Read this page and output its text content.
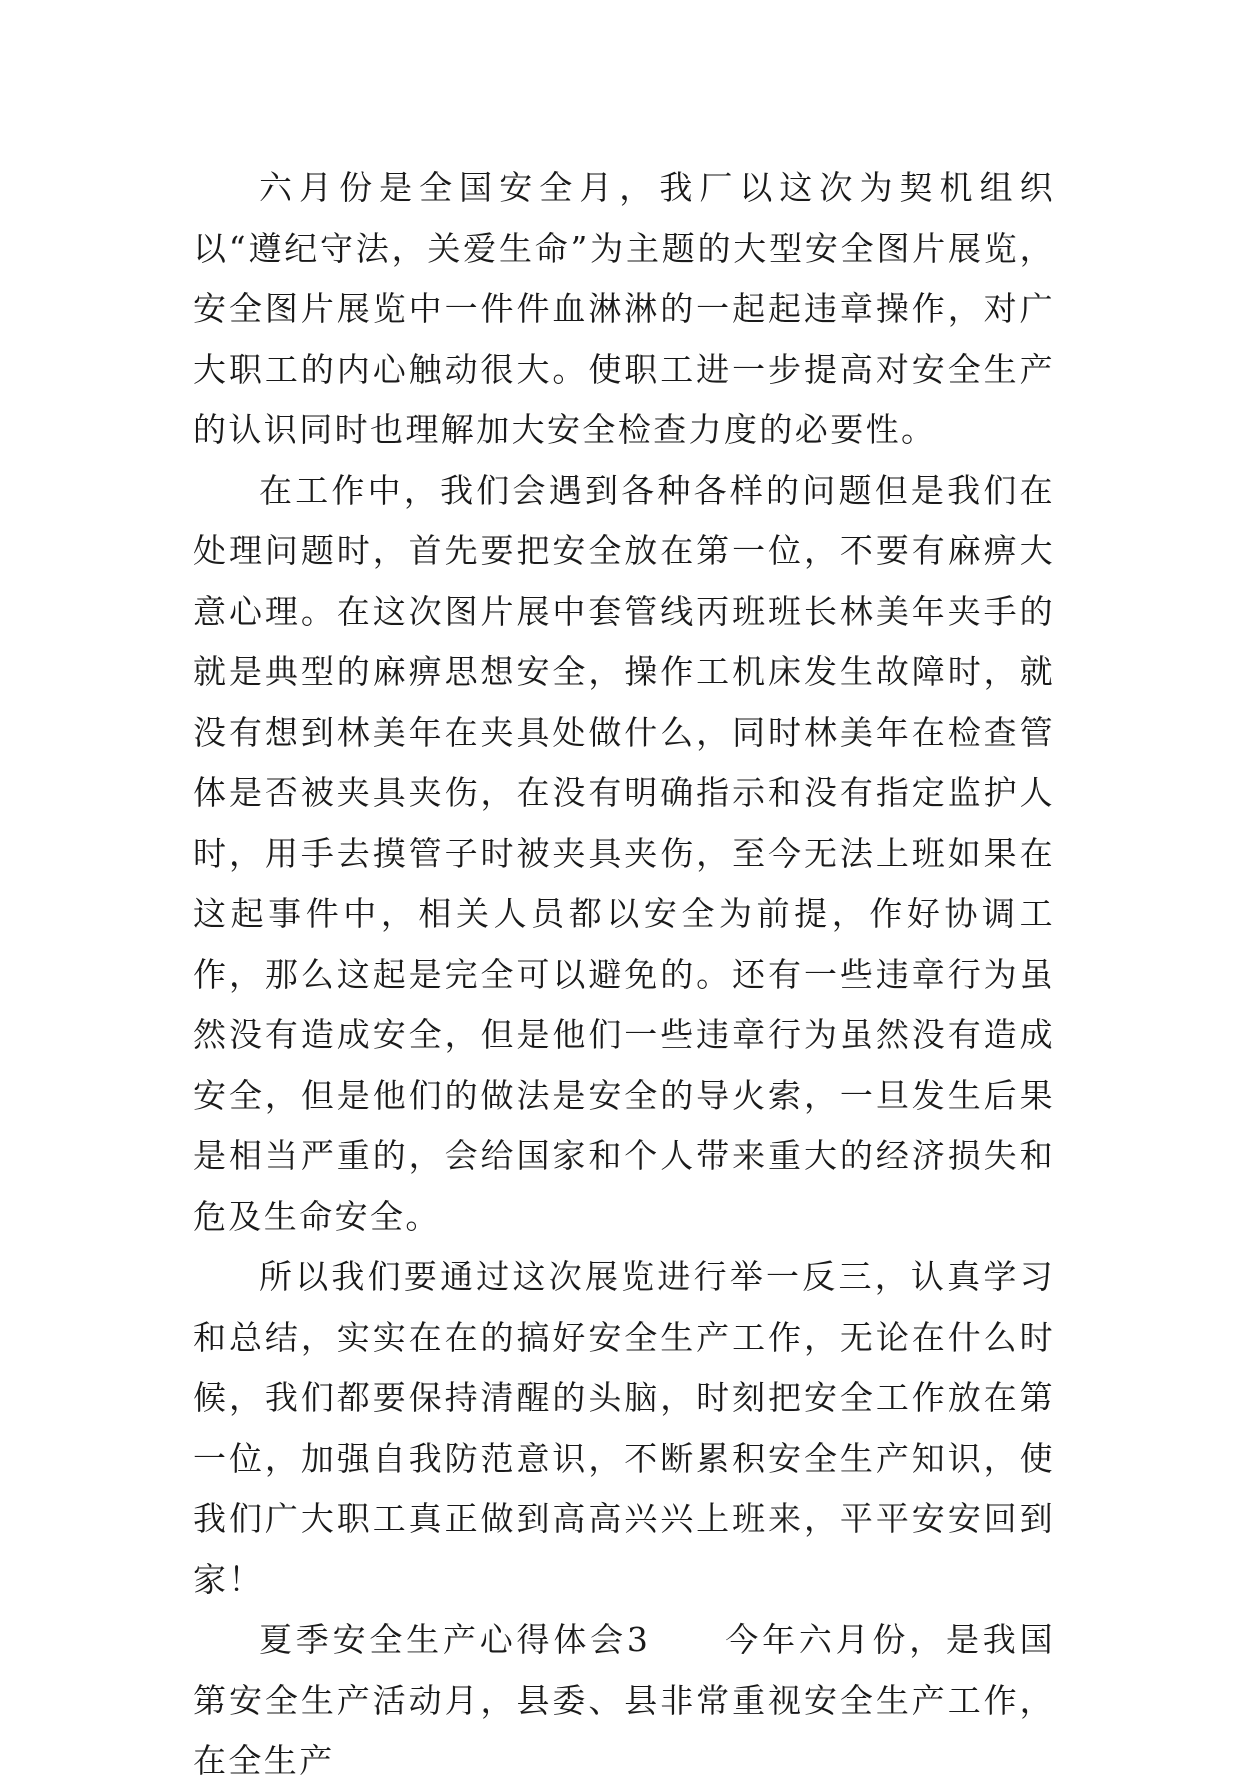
六月份是全国安全月，我厂以这次为契机组织以“遵纪守法，关爱生命”为主题的大型安全图片展览，安全图片展览中一件件血淋淋的一起起违章操作，对广大职工的内心触动很大。使职工进一步提高对安全生产的认识同时也理解加大安全检查力度的必要性。

在工作中，我们会遇到各种各样的问题但是我们在处理问题时，首先要把安全放在第一位，不要有麻痹大意心理。在这次图片展中套管线丙班班长林美年夹手的就是典型的麻痹思想安全，操作工机床发生故障时，就没有想到林美年在夹具处做什么，同时林美年在检查管体是否被夹具夹伤，在没有明确指示和没有指定监护人时，用手去摸管子时被夹具夹伤，至今无法上班如果在这起事件中，相关人员都以安全为前提，作好协调工作，那么这起是完全可以避免的。还有一些违章行为虽然没有造成安全，但是他们一些违章行为虽然没有造成安全，但是他们的做法是安全的导火索，一旦发生后果是相当严重的，会给国家和个人带来重大的经济损失和危及生命安全。

所以我们要通过这次展览进行举一反三，认真学习和总结，实实在在的搞好安全生产工作，无论在什么时候，我们都要保持清醒的头脑，时刻把安全工作放在第一位，加强自我防范意识，不断累积安全生产知识，使我们广大职工真正做到高高兴兴上班来，平平安安回到家！

夏季安全生产心得体会3　　今年六月份，是我国第安全生产活动月，县委、县非常重视安全生产工作，在全生产
